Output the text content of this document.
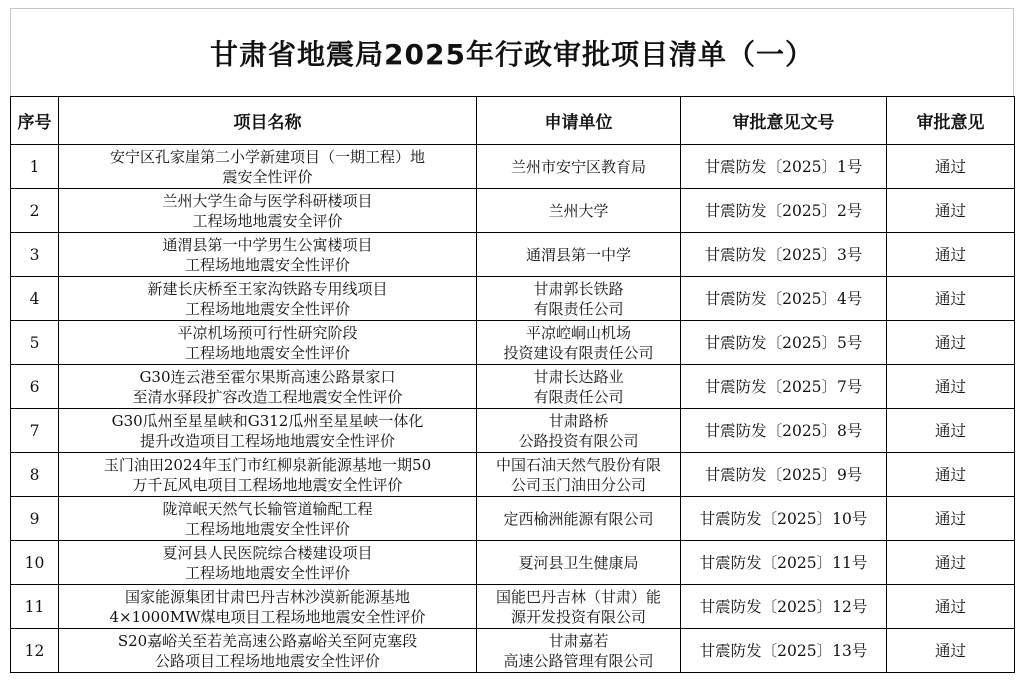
甘肃省地震局2025年行政审批项目清单（一）
序号	项目名称	申请单位	审批意见文号	审批意见
1	安宁区孔家崖第二小学新建项目（一期工程）地
震安全性评价	兰州市安宁区教育局	甘震防发〔2025〕1号	通过
2	兰州大学生命与医学科研楼项目
工程场地地震安全评价	兰州大学	甘震防发〔2025〕2号	通过
3	通渭县第一中学男生公寓楼项目
工程场地地震安全性评价	通渭县第一中学	甘震防发〔2025〕3号	通过
4	新建长庆桥至王家沟铁路专用线项目
工程场地地震安全性评价	甘肃郭长铁路
有限责任公司	甘震防发〔2025〕4号	通过
5	平凉机场预可行性研究阶段
工程场地地震安全性评价	平凉崆峒山机场
投资建设有限责任公司	甘震防发〔2025〕5号	通过
6	G30连云港至霍尔果斯高速公路景家口
至清水驿段扩容改造工程地震安全性评价	甘肃长达路业
有限责任公司	甘震防发〔2025〕7号	通过
7	G30瓜州至星星峡和G312瓜州至星星峡一体化
提升改造项目工程场地地震安全性评价	甘肃路桥
公路投资有限公司	甘震防发〔2025〕8号	通过
8	玉门油田2024年玉门市红柳泉新能源基地一期50
万千瓦风电项目工程场地地震安全性评价	中国石油天然气股份有限
公司玉门油田分公司	甘震防发〔2025〕9号	通过
9	陇漳岷天然气长输管道输配工程
工程场地地震安全性评价	定西榆洲能源有限公司	甘震防发〔2025〕10号	通过
10	夏河县人民医院综合楼建设项目
工程场地地震安全性评价	夏河县卫生健康局	甘震防发〔2025〕11号	通过
11	国家能源集团甘肃巴丹吉林沙漠新能源基地
4×1000MW煤电项目工程场地地震安全性评价	国能巴丹吉林（甘肃）能
源开发投资有限公司	甘震防发〔2025〕12号	通过
12	S20嘉峪关至若羌高速公路嘉峪关至阿克塞段
公路项目工程场地地震安全性评价	甘肃嘉若
高速公路管理有限公司	甘震防发〔2025〕13号	通过
